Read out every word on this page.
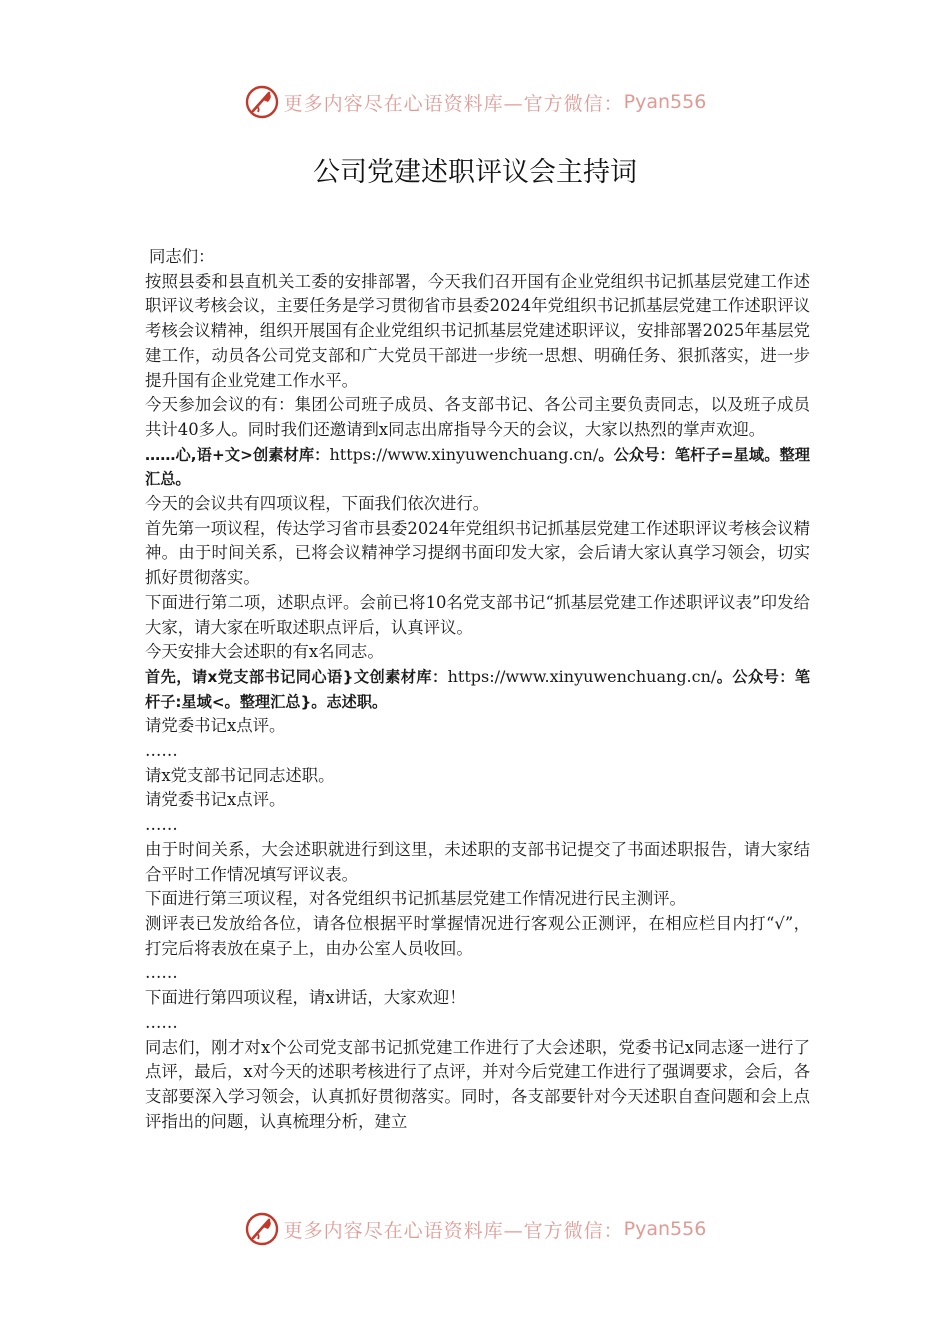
更多内容尽在心语资料库—官方微信： Pyan556
公司党建述职评议会主持词

同志们：

按照县委和县直机关工委的安排部署，今天我们召开国有企业党组织书记抓基层党建工作述职评议考核会议，主要任务是学习贯彻省市县委2024年党组织书记抓基层党建工作述职评议考核会议精神，组织开展国有企业党组织书记抓基层党建述职评议，安排部署2025年基层党建工作，动员各公司党支部和广大党员干部进一步统一思想、明确任务、狠抓落实，进一步提升国有企业党建工作水平。

今天参加会议的有：集团公司班子成员、各支部书记、各公司主要负责同志，以及班子成员共计40多人。同时我们还邀请到x同志出席指导今天的会议，大家以热烈的掌声欢迎。

……心,语+文>创素材库：https://www.xinyuwenchuang.cn/。公众号：笔杆子=星域。整理汇总。

今天的会议共有四项议程，下面我们依次进行。

首先第一项议程，传达学习省市县委2024年党组织书记抓基层党建工作述职评议考核会议精神。由于时间关系，已将会议精神学习提纲书面印发大家，会后请大家认真学习领会，切实抓好贯彻落实。

下面进行第二项，述职点评。会前已将10名党支部书记“抓基层党建工作述职评议表”印发给大家，请大家在听取述职点评后，认真评议。

今天安排大会述职的有x名同志。

首先，请x党支部书记同心语}文创素材库：https://www.xinyuwenchuang.cn/。公众号：笔杆子:星域<。整理汇总}。志述职。

请党委书记x点评。

……

请x党支部书记同志述职。

请党委书记x点评。

……

由于时间关系，大会述职就进行到这里，未述职的支部书记提交了书面述职报告，请大家结合平时工作情况填写评议表。

下面进行第三项议程，对各党组织书记抓基层党建工作情况进行民主测评。

测评表已发放给各位，请各位根据平时掌握情况进行客观公正测评，在相应栏目内打“√”，打完后将表放在桌子上，由办公室人员收回。

……

下面进行第四项议程，请x讲话，大家欢迎！

……

同志们，刚才对x个公司党支部书记抓党建工作进行了大会述职，党委书记x同志逐一进行了点评，最后，x对今天的述职考核进行了点评，并对今后党建工作进行了强调要求，会后，各支部要深入学习领会，认真抓好贯彻落实。同时，各支部要针对今天述职自查问题和会上点评指出的问题，认真梳理分析，建立

更多内容尽在心语资料库—官方微信： Pyan556
